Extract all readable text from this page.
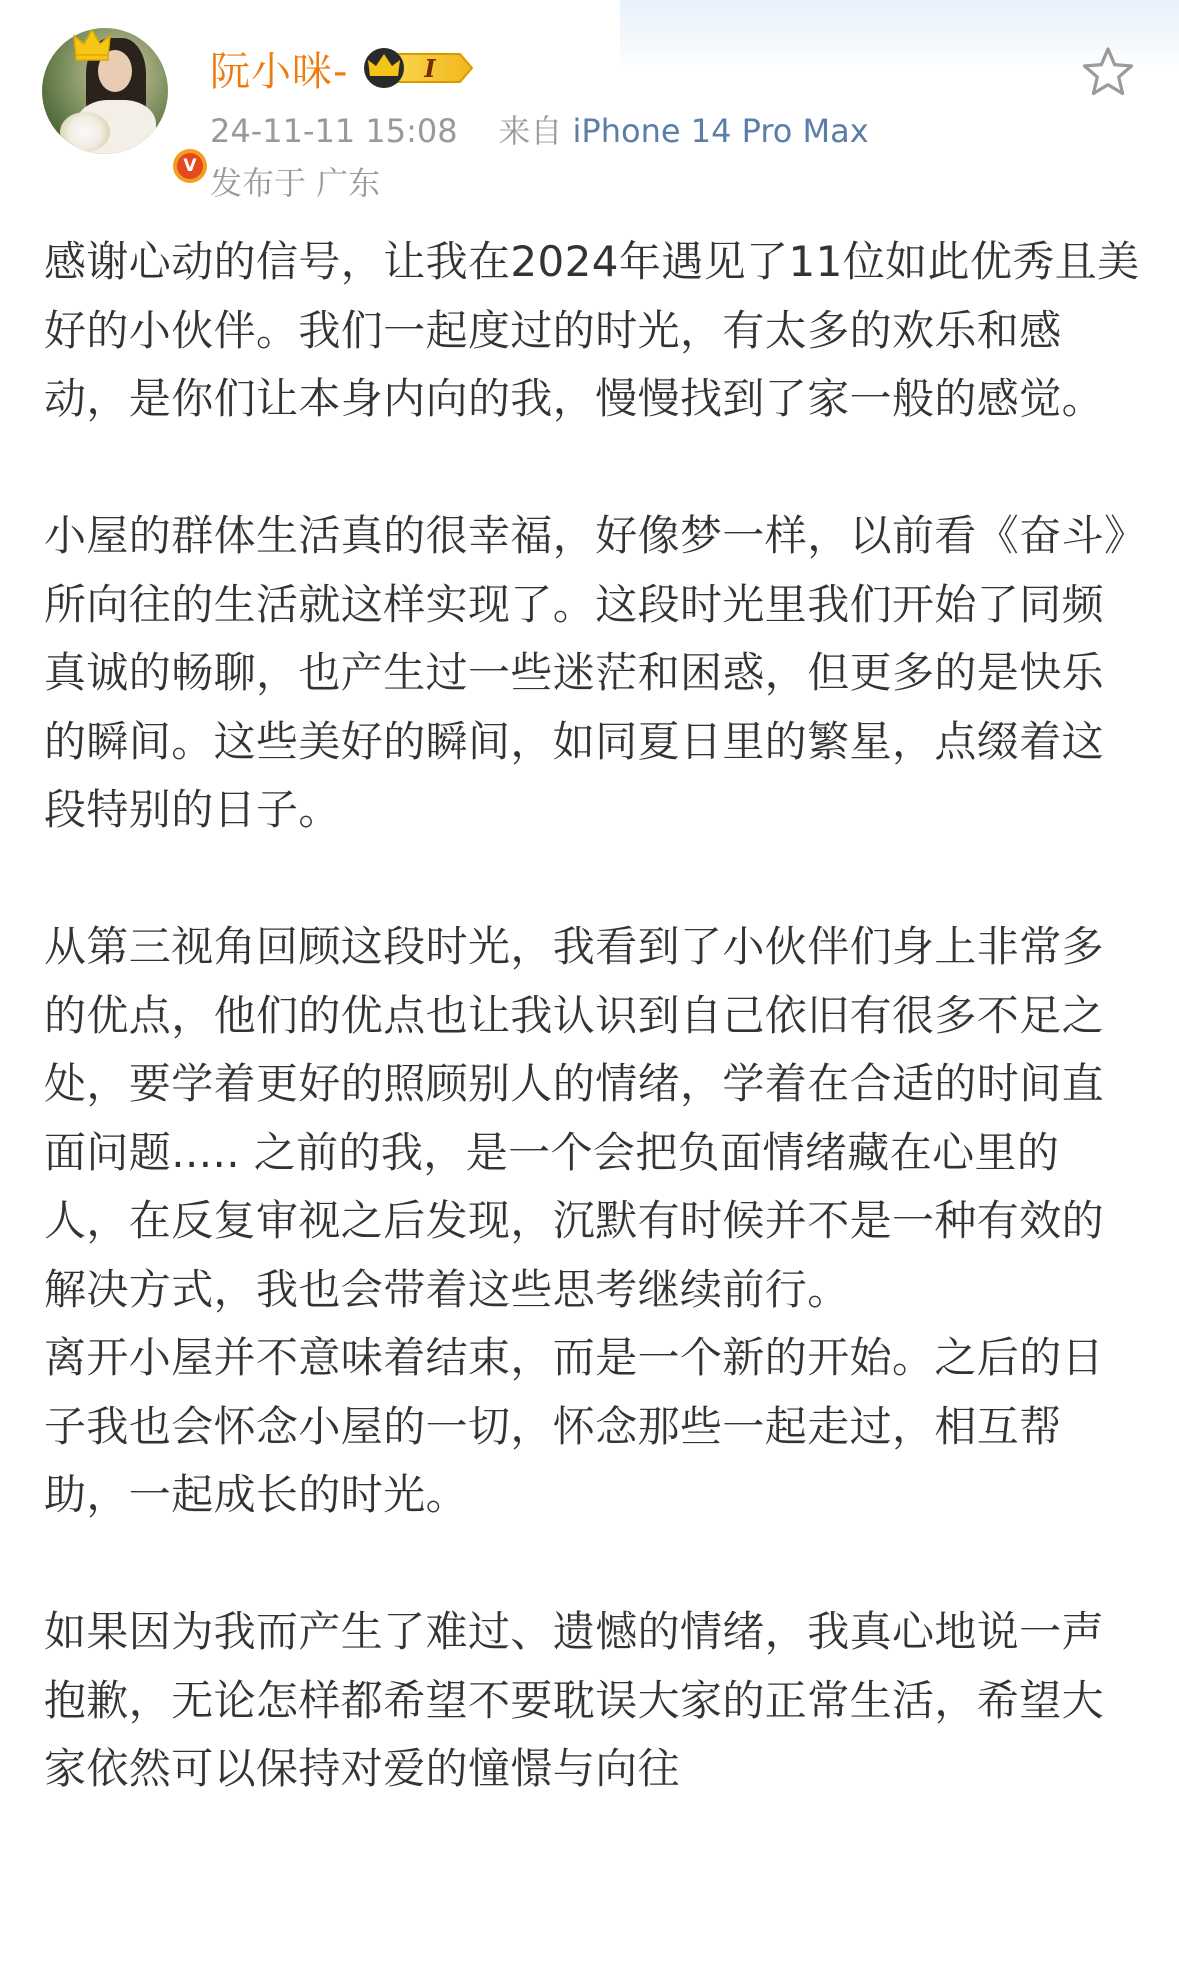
V
阮小咪-	I
24-11-11 15:08 来自 iPhone 14 Pro Max
发布于 广东

感谢心动的信号，让我在2024年遇见了11位如此优秀且美好的小伙伴。我们一起度过的时光，有太多的欢乐和感动，是你们让本身内向的我，慢慢找到了家一般的感觉。

小屋的群体生活真的很幸福，好像梦一样，以前看《奋斗》所向往的生活就这样实现了。这段时光里我们开始了同频真诚的畅聊，也产生过一些迷茫和困惑，但更多的是快乐的瞬间。这些美好的瞬间，如同夏日里的繁星，点缀着这段特别的日子。

从第三视角回顾这段时光，我看到了小伙伴们身上非常多的优点，他们的优点也让我认识到自己依旧有很多不足之处，要学着更好的照顾别人的情绪，学着在合适的时间直面问题..... 之前的我，是一个会把负面情绪藏在心里的人，在反复审视之后发现，沉默有时候并不是一种有效的解决方式，我也会带着这些思考继续前行。

离开小屋并不意味着结束，而是一个新的开始。之后的日子我也会怀念小屋的一切，怀念那些一起走过，相互帮助，一起成长的时光。

如果因为我而产生了难过、遗憾的情绪，我真心地说一声抱歉，无论怎样都希望不要耽误大家的正常生活，希望大家依然可以保持对爱的憧憬与向往
